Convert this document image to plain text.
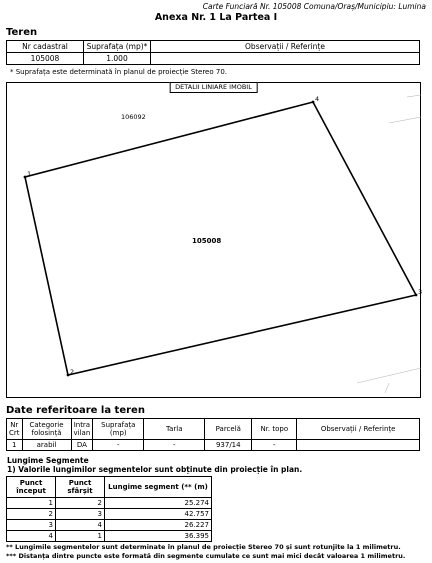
Carte Funciară Nr. 105008 Comuna/Oraș/Municipiu: Lumina
Anexa Nr. 1 La Partea I
Teren
Nr cadastral	Suprafața (mp)*	Observații / Referințe
105008	1.000	
* Suprafața este determinată în planul de proiecție Stereo 70.
DETALII LINIARE IMOBIL
1
2
3
4
106092
105008
Date referitoare la teren
Nr Crt	Categorie folosință	Intra vilan	Suprafața (mp)	Tarla	Parcelă	Nr. topo	Observații / Referințe
1	arabil	DA	-	-	937/14	-	
Lungime Segmente
1) Valorile lungimilor segmentelor sunt obținute din proiecție în plan.
Punct început	Punct sfârșit	Lungime segment (** (m)
1	2	25.274
2	3	42.757
3	4	26.227
4	1	36.395
** Lungimile segmentelor sunt determinate în planul de proiecție Stereo 70 și sunt rotunjite la 1 milimetru.
*** Distanța dintre puncte este formată din segmente cumulate ce sunt mai mici decât valoarea 1 milimetru.
